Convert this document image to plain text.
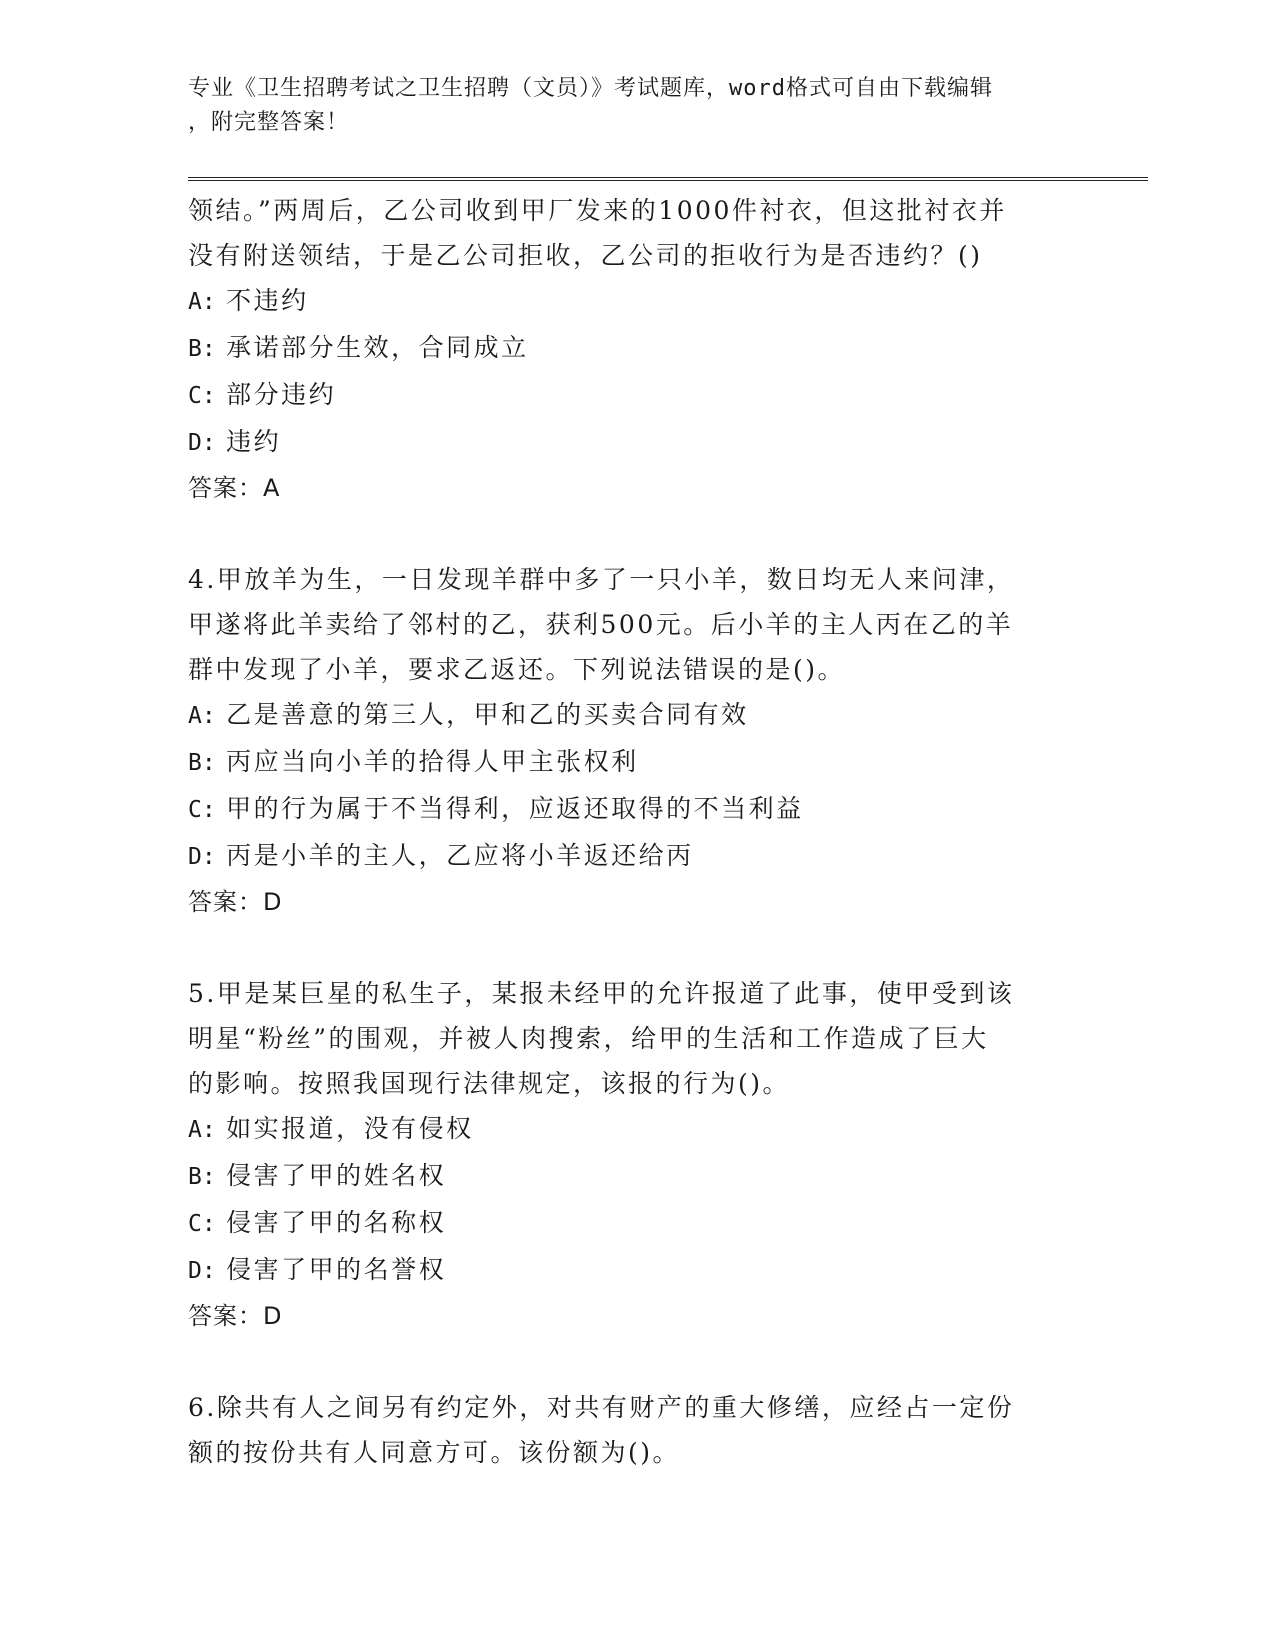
专业《卫生招聘考试之卫生招聘（文员）》考试题库，word格式可自由下载编辑
，附完整答案！

领结。”两周后，乙公司收到甲厂发来的1000件衬衣，但这批衬衣并

没有附送领结，于是乙公司拒收，乙公司的拒收行为是否违约？()

A: 不违约

B: 承诺部分生效，合同成立

C: 部分违约

D: 违约

答案：A

4.甲放羊为生，一日发现羊群中多了一只小羊，数日均无人来问津，

甲遂将此羊卖给了邻村的乙，获利500元。后小羊的主人丙在乙的羊

群中发现了小羊，要求乙返还。下列说法错误的是()。

A: 乙是善意的第三人，甲和乙的买卖合同有效

B: 丙应当向小羊的拾得人甲主张权利

C: 甲的行为属于不当得利，应返还取得的不当利益

D: 丙是小羊的主人，乙应将小羊返还给丙

答案：D

5.甲是某巨星的私生子，某报未经甲的允许报道了此事，使甲受到该

明星“粉丝”的围观，并被人肉搜索，给甲的生活和工作造成了巨大

的影响。按照我国现行法律规定，该报的行为()。

A: 如实报道，没有侵权

B: 侵害了甲的姓名权

C: 侵害了甲的名称权

D: 侵害了甲的名誉权

答案：D

6.除共有人之间另有约定外，对共有财产的重大修缮，应经占一定份

额的按份共有人同意方可。该份额为()。
